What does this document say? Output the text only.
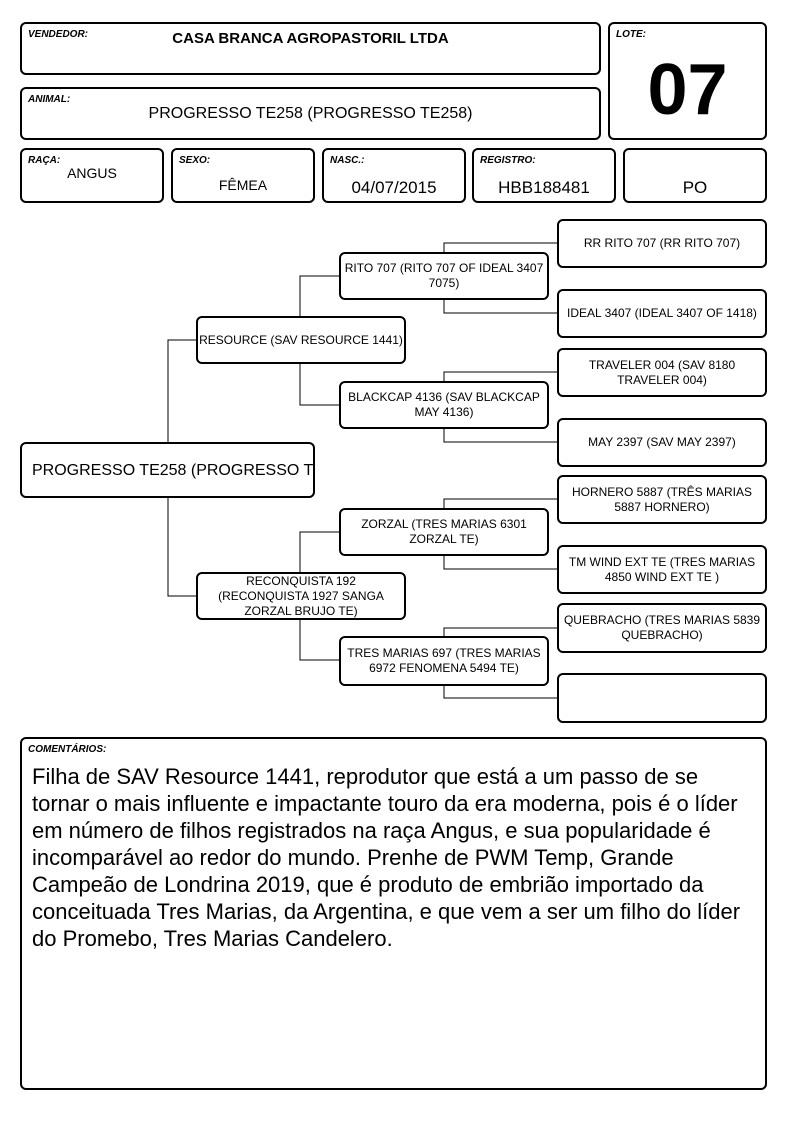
VENDEDOR:	CASA BRANCA AGROPASTORIL LTDA	LOTE:
07
ANIMAL:
PROGRESSO TE258 (PROGRESSO TE258)
RAÇA:
ANGUS
SEXO:
FÊMEA
NASC.:
04/07/2015
REGISTRO:
HBB188481	PO
PROGRESSO TE258 (PROGRESSO T
RESOURCE (SAV RESOURCE 1441)
RECONQUISTA 192 (RECONQUISTA 1927 SANGA ZORZAL BRUJO TE)
RITO 707 (RITO 707 OF IDEAL 3407 7075)
BLACKCAP 4136 (SAV BLACKCAP MAY 4136)
ZORZAL (TRES MARIAS 6301 ZORZAL TE)
TRES MARIAS 697 (TRES MARIAS 6972 FENOMENA 5494 TE)
RR RITO 707 (RR RITO 707)
IDEAL 3407 (IDEAL 3407 OF 1418)
TRAVELER 004 (SAV 8180 TRAVELER 004)
MAY 2397 (SAV MAY 2397)
HORNERO 5887 (TRÊS MARIAS 5887 HORNERO)
TM WIND EXT TE (TRES MARIAS 4850 WIND EXT TE )
QUEBRACHO (TRES MARIAS 5839 QUEBRACHO)
COMENTÁRIOS:
Filha de SAV Resource 1441, reprodutor que está a um passo de se tornar o mais influente e impactante touro da era moderna, pois é o líder em número de filhos registrados na raça Angus, e sua popularidade é incomparável ao redor do mundo. Prenhe de PWM Temp, Grande Campeão de Londrina 2019, que é produto de embrião importado da conceituada Tres Marias, da Argentina, e que vem a ser um filho do líder do Promebo, Tres Marias Candelero.
